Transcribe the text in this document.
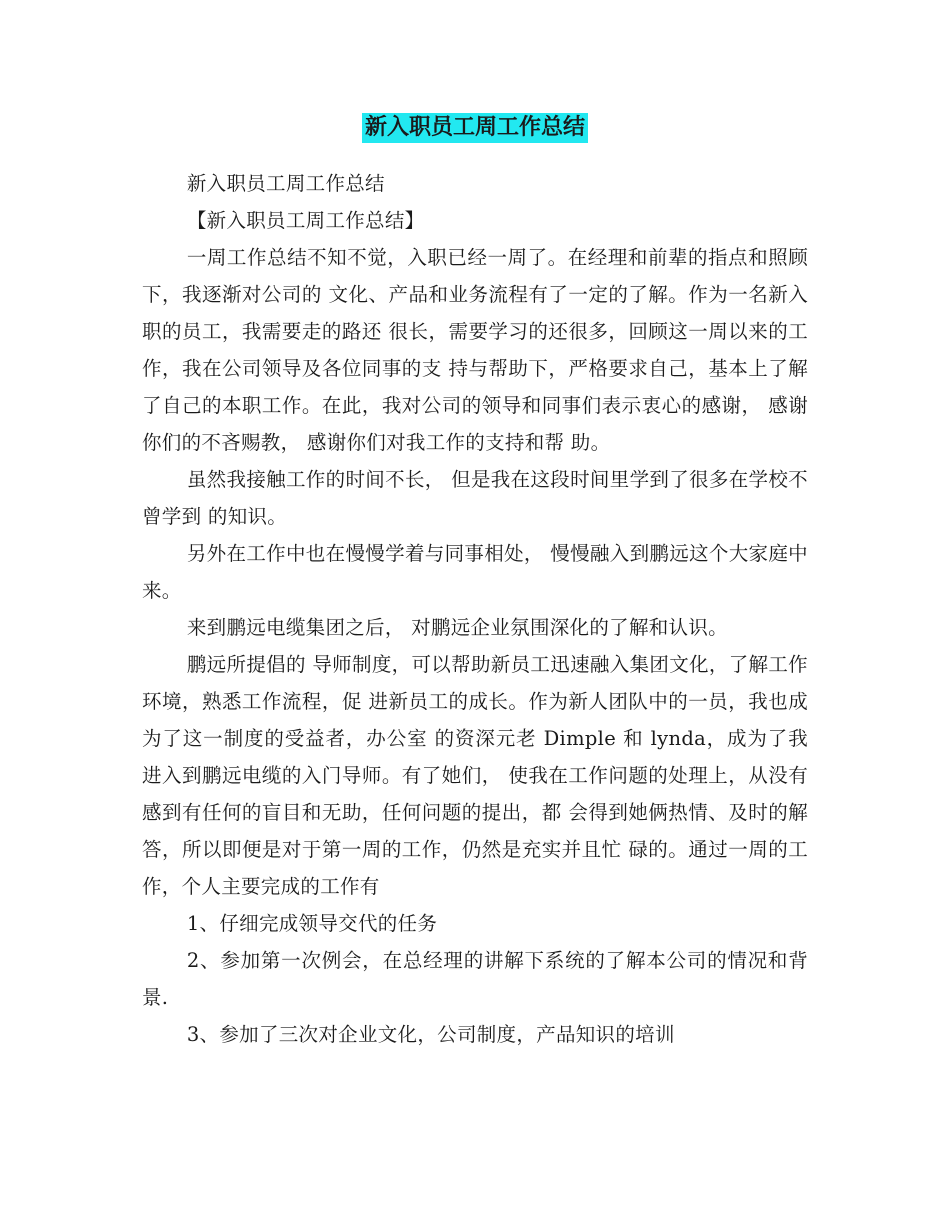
新入职员工周工作总结

新入职员工周工作总结

【新入职员工周工作总结】

一周工作总结不知不觉，入职已经一周了。在经理和前辈的指点和照顾下，我逐渐对公司的 文化、产品和业务流程有了一定的了解。作为一名新入职的员工，我需要走的路还 很长，需要学习的还很多，回顾这一周以来的工作，我在公司领导及各位同事的支 持与帮助下，严格要求自己，基本上了解了自己的本职工作。在此，我对公司的领导和同事们表示衷心的感谢， 感谢你们的不吝赐教， 感谢你们对我工作的支持和帮 助。

虽然我接触工作的时间不长， 但是我在这段时间里学到了很多在学校不曾学到 的知识。

另外在工作中也在慢慢学着与同事相处， 慢慢融入到鹏远这个大家庭中来。

来到鹏远电缆集团之后， 对鹏远企业氛围深化的了解和认识。

鹏远所提倡的 导师制度，可以帮助新员工迅速融入集团文化，了解工作环境，熟悉工作流程，促 进新员工的成长。作为新人团队中的一员，我也成为了这一制度的受益者，办公室 的资深元老 Dimple 和 lynda，成为了我进入到鹏远电缆的入门导师。有了她们， 使我在工作问题的处理上，从没有感到有任何的盲目和无助，任何问题的提出，都 会得到她俩热情、及时的解答，所以即便是对于第一周的工作，仍然是充实并且忙 碌的。通过一周的工作，个人主要完成的工作有

1、仔细完成领导交代的任务

2、参加第一次例会，在总经理的讲解下系统的了解本公司的情况和背景.

3、参加了三次对企业文化，公司制度，产品知识的培训
